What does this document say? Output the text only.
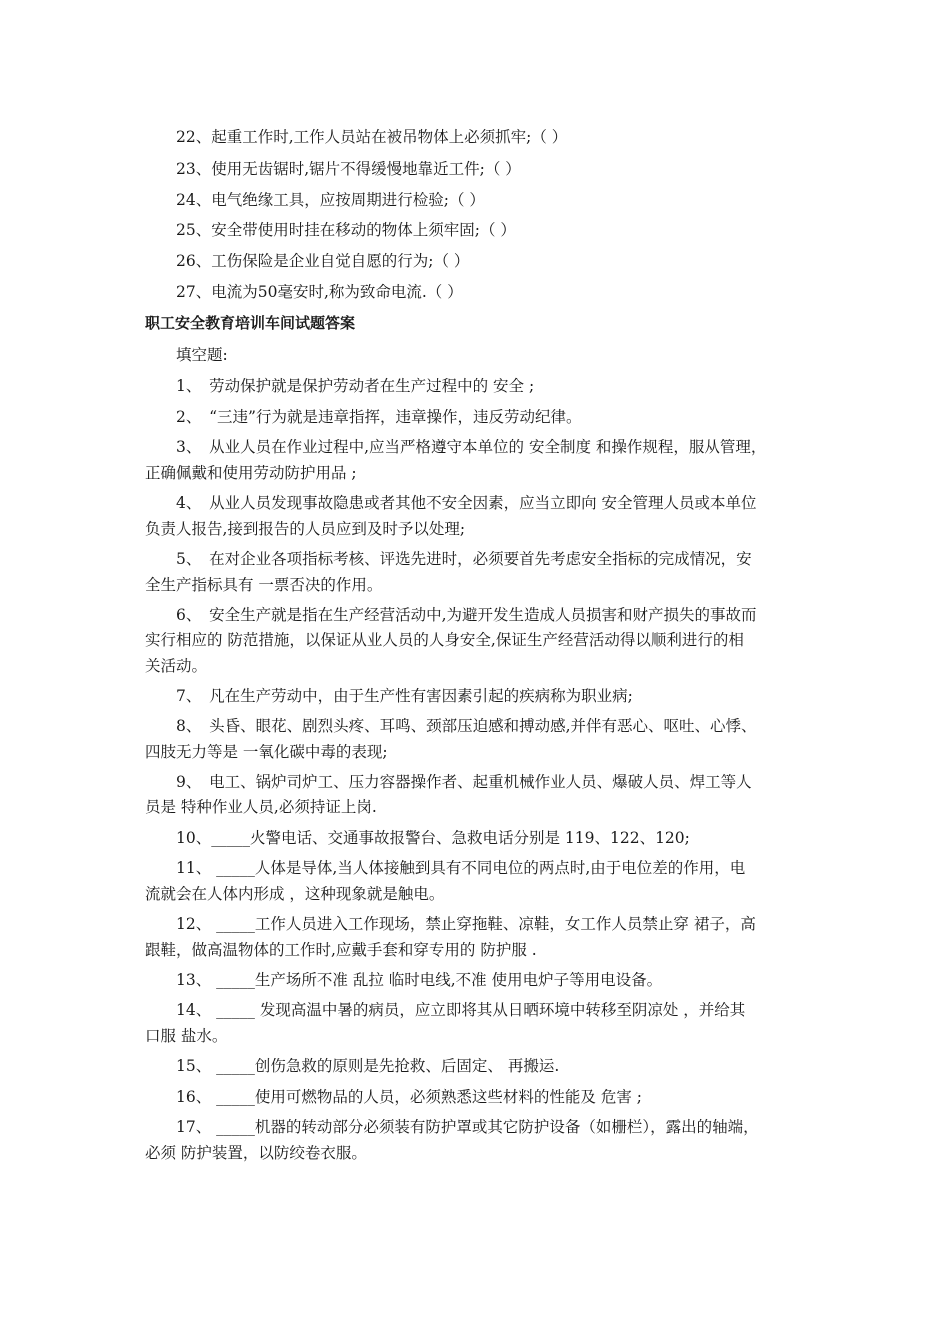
22、起重工作时,工作人员站在被吊物体上必须抓牢;（ ）
23、使用无齿锯时,锯片不得缓慢地靠近工件;（ ）
24、电气绝缘工具，应按周期进行检验;（ ）
25、安全带使用时挂在移动的物体上须牢固;（ ）
26、工伤保险是企业自觉自愿的行为;（ ）
27、电流为50毫安时,称为致命电流.（ ）
职工安全教育培训车间试题答案
填空题:
1、　劳动保护就是保护劳动者在生产过程中的 安全 ;
2、　“三违”行为就是违章指挥，违章操作，违反劳动纪律。
3、　从业人员在作业过程中,应当严格遵守本单位的 安全制度 和操作规程，服从管理，
正确佩戴和使用劳动防护用品 ;
4、　从业人员发现事故隐患或者其他不安全因素，应当立即向 安全管理人员或本单位
负责人报告,接到报告的人员应到及时予以处理;
5、　在对企业各项指标考核、评选先进时，必须要首先考虑安全指标的完成情况，安
全生产指标具有 一票否决的作用。
6、　安全生产就是指在生产经营活动中,为避开发生造成人员损害和财产损失的事故而
实行相应的 防范措施，以保证从业人员的人身安全,保证生产经营活动得以顺利进行的相
关活动。
7、　凡在生产劳动中，由于生产性有害因素引起的疾病称为职业病;
8、　头昏、眼花、剧烈头疼、耳鸣、颈部压迫感和搏动感,并伴有恶心、呕吐、心悸、
四肢无力等是 一氧化碳中毒的表现;
9、　电工、锅炉司炉工、压力容器操作者、起重机械作业人员、爆破人员、焊工等人
员是 特种作业人员,必须持证上岗.
10、_____火警电话、交通事故报警台、急救电话分别是 119、122、120;
11、 _____人体是导体,当人体接触到具有不同电位的两点时,由于电位差的作用，电
流就会在人体内形成 ，这种现象就是触电。
12、 _____工作人员进入工作现场，禁止穿拖鞋、凉鞋，女工作人员禁止穿 裙子，高
跟鞋，做高温物体的工作时,应戴手套和穿专用的 防护服 .
13、 _____生产场所不准 乱拉 临时电线,不准 使用电炉子等用电设备。
14、 _____ 发现高温中暑的病员，应立即将其从日晒环境中转移至阴凉处 ，并给其
口服 盐水。
15、 _____创伤急救的原则是先抢救、后固定、 再搬运.
16、 _____使用可燃物品的人员，必须熟悉这些材料的性能及 危害 ;
17、 _____机器的转动部分必须装有防护罩或其它防护设备（如栅栏），露出的轴端，
必须 防护装置，以防绞卷衣服。
